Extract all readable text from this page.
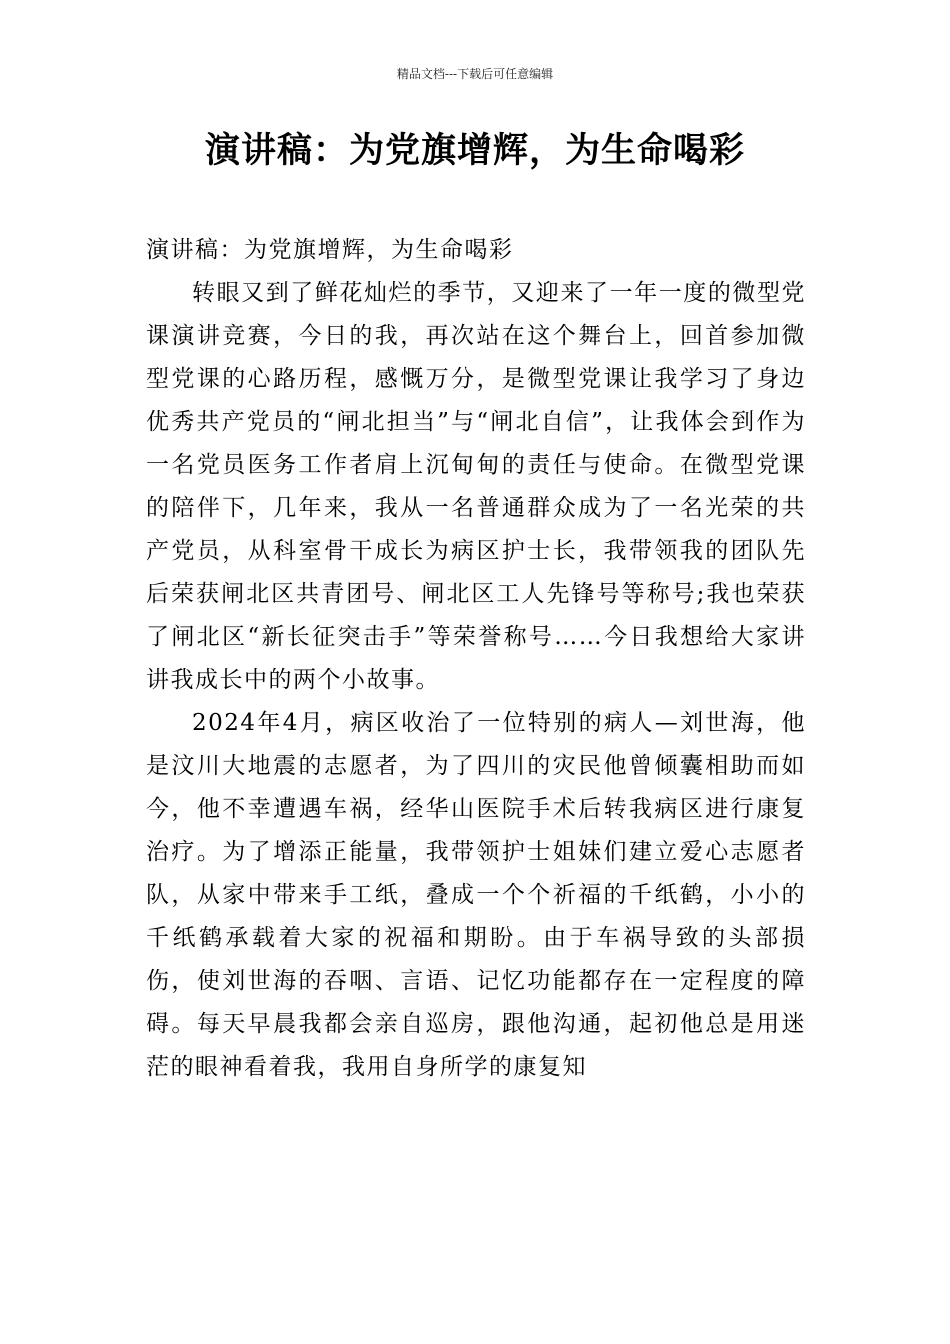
精品文档---下载后可任意编辑
演讲稿：为党旗增辉，为生命喝彩

演讲稿：为党旗增辉，为生命喝彩

转眼又到了鲜花灿烂的季节，又迎来了一年一度的微型党课演讲竞赛，今日的我，再次站在这个舞台上，回首参加微型党课的心路历程，感慨万分，是微型党课让我学习了身边优秀共产党员的“闸北担当”与“闸北自信”，让我体会到作为一名党员医务工作者肩上沉甸甸的责任与使命。在微型党课的陪伴下，几年来，我从一名普通群众成为了一名光荣的共产党员，从科室骨干成长为病区护士长，我带领我的团队先后荣获闸北区共青团号、闸北区工人先锋号等称号;我也荣获了闸北区“新长征突击手”等荣誉称号……今日我想给大家讲讲我成长中的两个小故事。

2024年4月，病区收治了一位特别的病人—刘世海，他是汶川大地震的志愿者，为了四川的灾民他曾倾囊相助而如今，他不幸遭遇车祸，经华山医院手术后转我病区进行康复治疗。为了增添正能量，我带领护士姐妹们建立爱心志愿者队，从家中带来手工纸，叠成一个个祈福的千纸鹤，小小的千纸鹤承载着大家的祝福和期盼。由于车祸导致的头部损伤，使刘世海的吞咽、言语、记忆功能都存在一定程度的障碍。每天早晨我都会亲自巡房，跟他沟通，起初他总是用迷茫的眼神看着我，我用自身所学的康复知
